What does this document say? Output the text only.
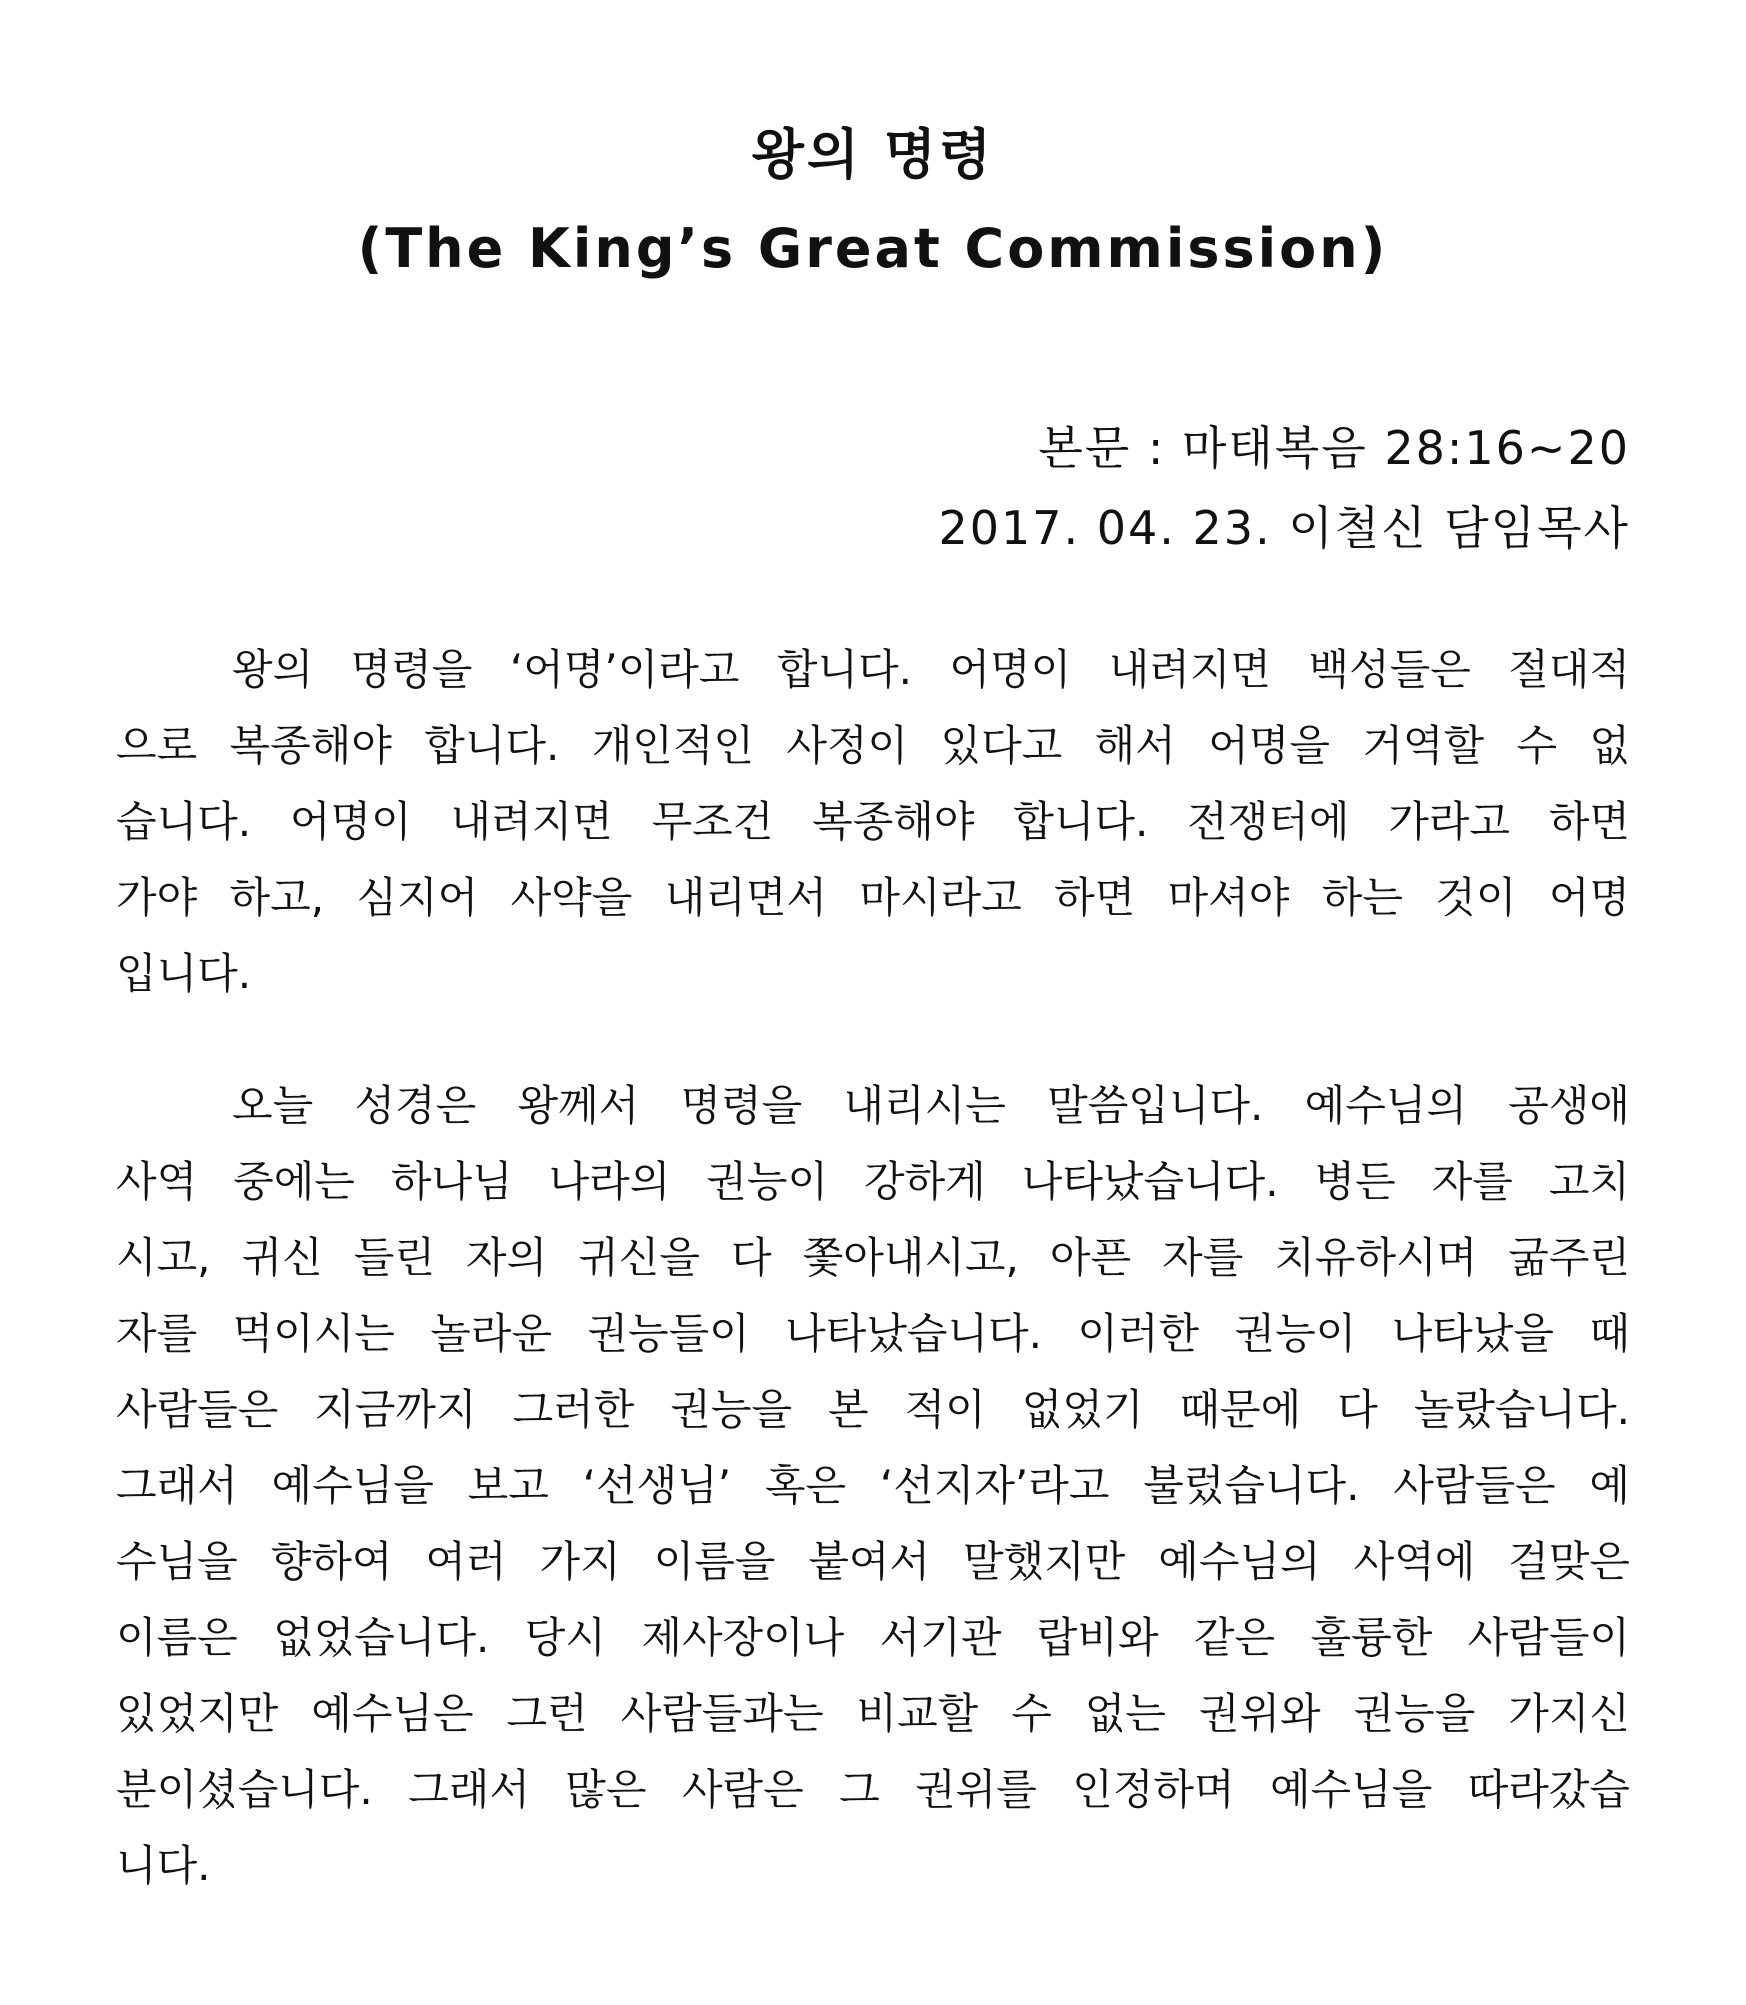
왕의 명령
(The King’s Great Commission)
본문 : 마태복음 28:16~20
2017. 04. 23. 이철신 담임목사

왕의 명령을 ‘어명’이라고 합니다. 어명이 내려지면 백성들은 절대적
으로 복종해야 합니다. 개인적인 사정이 있다고 해서 어명을 거역할 수 없
습니다. 어명이 내려지면 무조건 복종해야 합니다. 전쟁터에 가라고 하면
가야 하고, 심지어 사약을 내리면서 마시라고 하면 마셔야 하는 것이 어명
입니다.

오늘 성경은 왕께서 명령을 내리시는 말씀입니다. 예수님의 공생애
사역 중에는 하나님 나라의 권능이 강하게 나타났습니다. 병든 자를 고치
시고, 귀신 들린 자의 귀신을 다 쫓아내시고, 아픈 자를 치유하시며 굶주린
자를 먹이시는 놀라운 권능들이 나타났습니다. 이러한 권능이 나타났을 때
사람들은 지금까지 그러한 권능을 본 적이 없었기 때문에 다 놀랐습니다.
그래서 예수님을 보고 ‘선생님’ 혹은 ‘선지자’라고 불렀습니다. 사람들은 예
수님을 향하여 여러 가지 이름을 붙여서 말했지만 예수님의 사역에 걸맞은
이름은 없었습니다. 당시 제사장이나 서기관 랍비와 같은 훌륭한 사람들이
있었지만 예수님은 그런 사람들과는 비교할 수 없는 권위와 권능을 가지신
분이셨습니다. 그래서 많은 사람은 그 권위를 인정하며 예수님을 따라갔습
니다.
